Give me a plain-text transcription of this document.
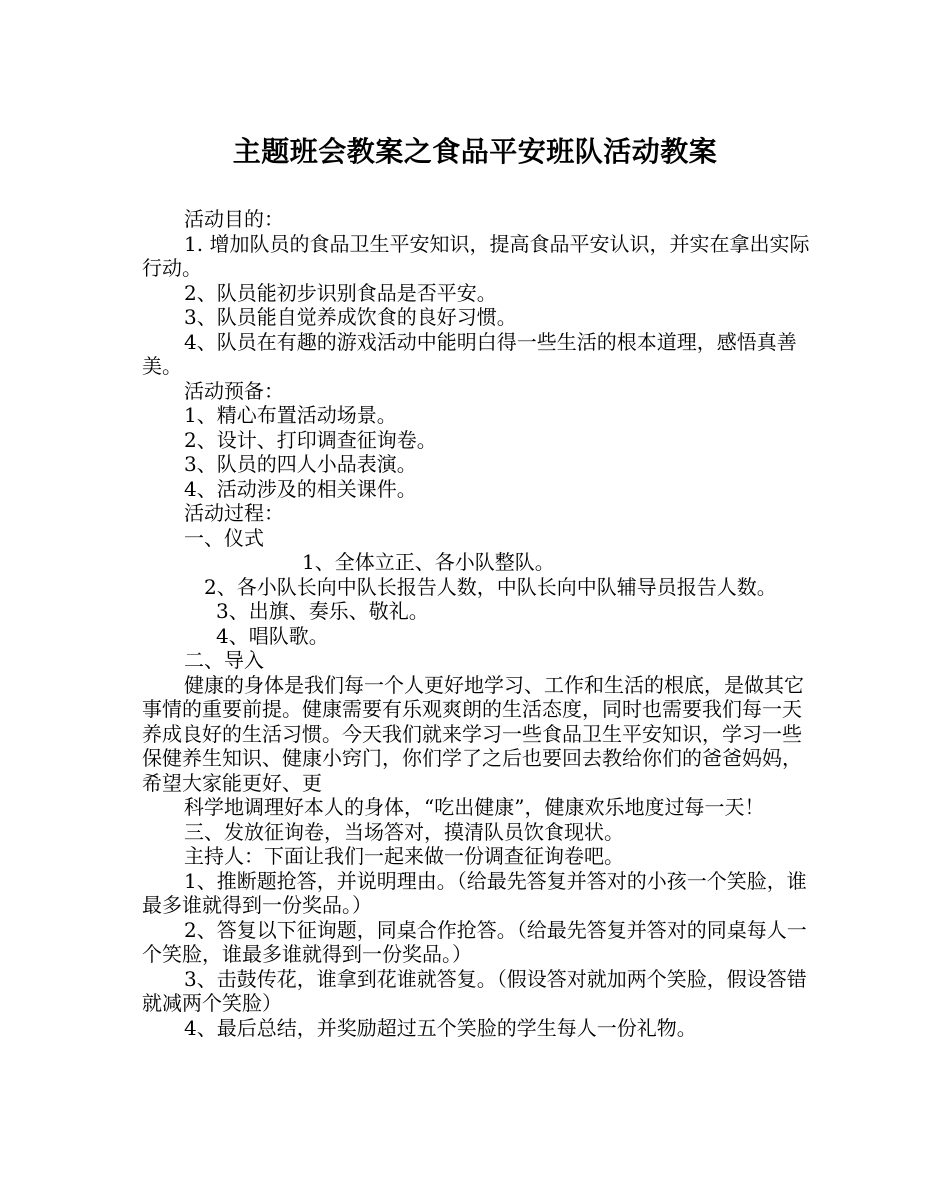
主题班会教案之食品平安班队活动教案

活动目的：

1. 增加队员的食品卫生平安知识，提高食品平安认识，并实在拿出实际行动。

2、队员能初步识别食品是否平安。

3、队员能自觉养成饮食的良好习惯。

4、队员在有趣的游戏活动中能明白得一些生活的根本道理，感悟真善美。

活动预备：

1、精心布置活动场景。

2、设计、打印调查征询卷。

3、队员的四人小品表演。

4、活动涉及的相关课件。

活动过程：

一、仪式

1、全体立正、各小队整队。

2、各小队长向中队长报告人数，中队长向中队辅导员报告人数。

3、出旗、奏乐、敬礼。

4、唱队歌。

二、导入

健康的身体是我们每一个人更好地学习、工作和生活的根底，是做其它事情的重要前提。健康需要有乐观爽朗的生活态度，同时也需要我们每一天养成良好的生活习惯。今天我们就来学习一些食品卫生平安知识，学习一些保健养生知识、健康小窍门，你们学了之后也要回去教给你们的爸爸妈妈，希望大家能更好、更

科学地调理好本人的身体，“吃出健康”，健康欢乐地度过每一天！

三、发放征询卷，当场答对，摸清队员饮食现状。

主持人：下面让我们一起来做一份调查征询卷吧。

1、推断题抢答，并说明理由。（给最先答复并答对的小孩一个笑脸，谁最多谁就得到一份奖品。）

2、答复以下征询题，同桌合作抢答。（给最先答复并答对的同桌每人一个笑脸，谁最多谁就得到一份奖品。）

3、击鼓传花，谁拿到花谁就答复。（假设答对就加两个笑脸，假设答错就减两个笑脸）

4、最后总结，并奖励超过五个笑脸的学生每人一份礼物。
